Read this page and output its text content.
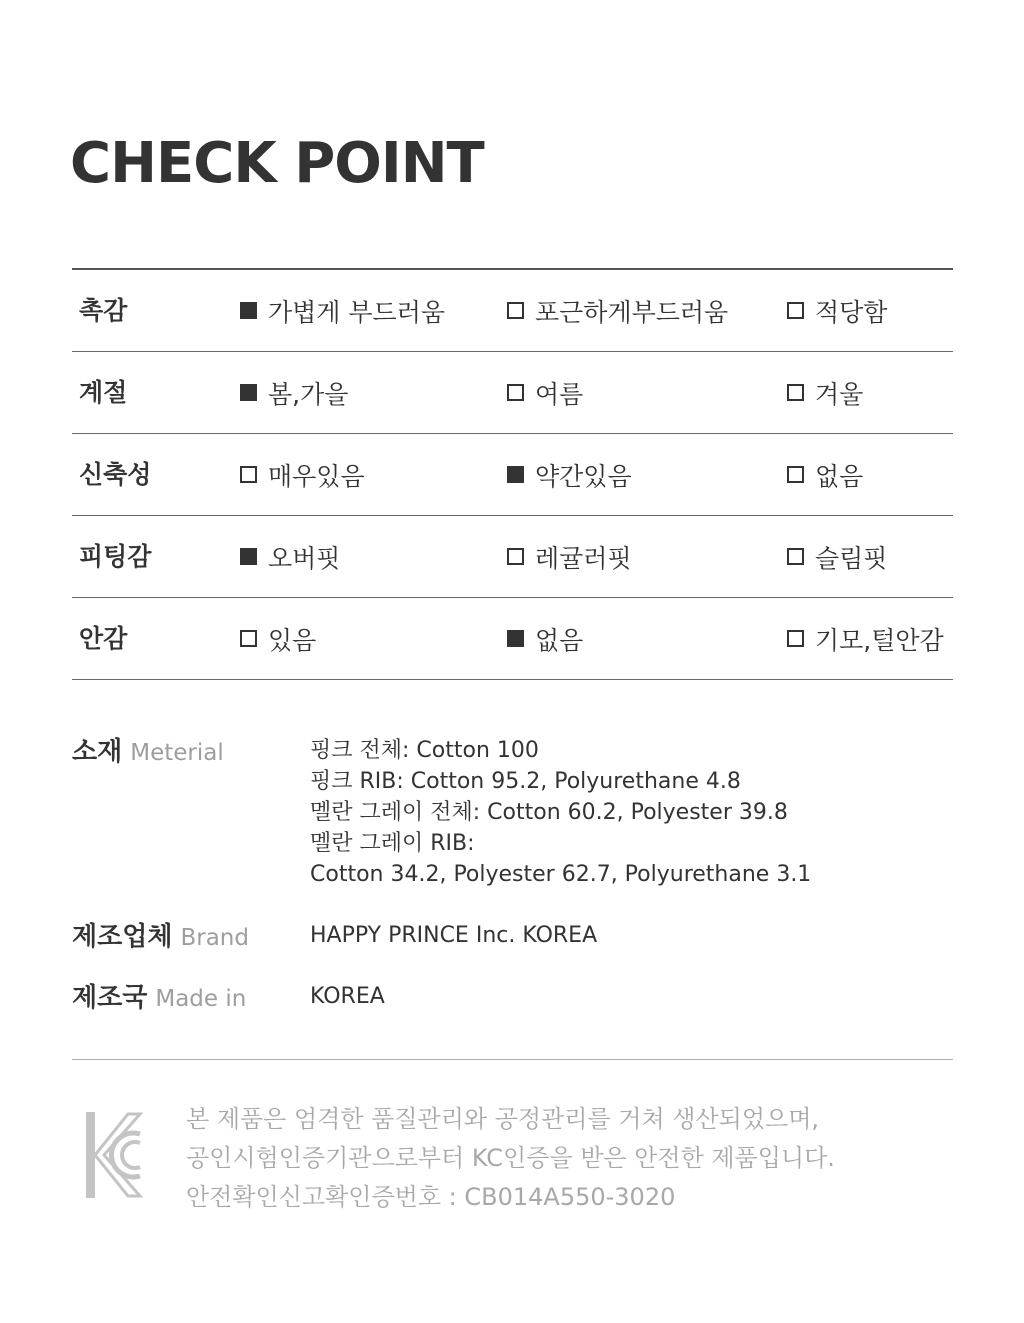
CHECK POINT
촉감	가볍게 부드러움	포근하게부드러움	적당함
계절	봄,가을	여름	겨울
신축성	매우있음	약간있음	없음
피팅감	오버핏	레귤러핏	슬림핏
안감	있음	없음	기모,털안감
소재 Meterial	핑크 전체: Cotton 100
핑크 RIB: Cotton 95.2, Polyurethane 4.8
멜란 그레이 전체: Cotton 60.2, Polyester 39.8
멜란 그레이 RIB:
Cotton 34.2, Polyester 62.7, Polyurethane 3.1
제조업체 Brand	HAPPY PRINCE Inc. KOREA
제조국 Made in	KOREA
본 제품은 엄격한 품질관리와 공정관리를 거쳐 생산되었으며,
공인시험인증기관으로부터 KC인증을 받은 안전한 제품입니다.
안전확인신고확인증번호 : CB014A550-3020
